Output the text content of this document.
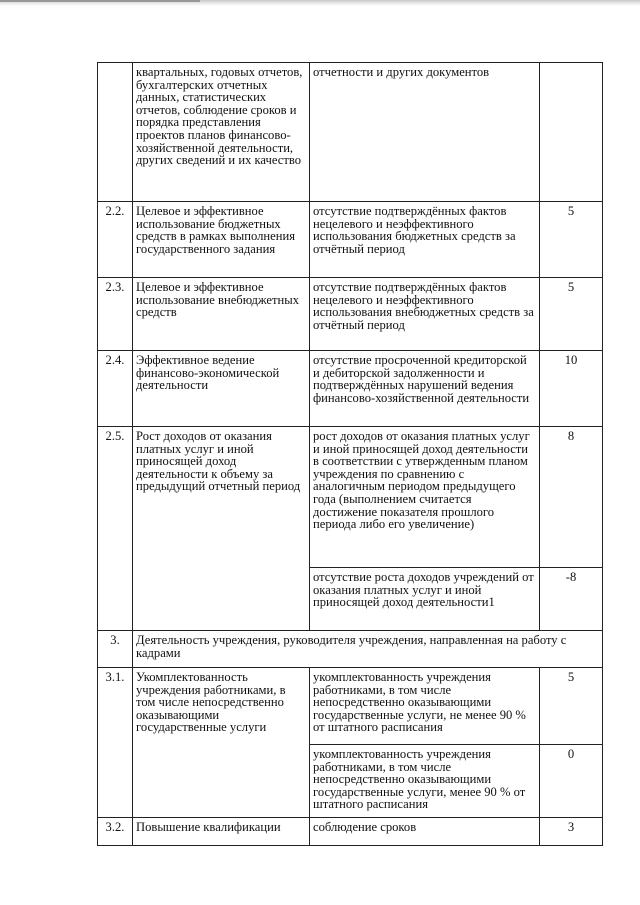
	квартальных, годовых отчетов, бухгалтерских отчетных данных, статистических отчетов, соблюдение сроков и порядка представления проектов планов финансово-хозяйственной деятельности, других сведений и их качество	отчетности и других документов	

2.2.	Целевое и эффективное использование бюджетных средств в рамках выполнения государственного задания	отсутствие подтверждённых фактов нецелевого и неэффективного использования бюджетных средств за отчётный период	5
2.3.	Целевое и эффективное использование внебюджетных средств	отсутствие подтверждённых фактов нецелевого и неэффективного использования внебюджетных средств за отчётный период	5
2.4.	Эффективное ведение финансово-экономической деятельности	отсутствие просроченной кредиторской и дебиторской задолженности и подтверждённых нарушений ведения финансово-хозяйственной деятельности	10
2.5.	Рост доходов от оказания платных услуг и иной приносящей доход деятельности к объему за предыдущий отчетный период	рост доходов от оказания платных услуг и иной приносящей доход деятельности в соответствии с утвержденным планом учреждения по сравнению с аналогичным периодом предыдущего года (выполнением считается достижение показателя прошлого периода либо его увеличение)	8

		отсутствие роста доходов учреждений от оказания платных услуг и иной приносящей доход деятельности1	-8
3.	Деятельность учреждения, руководителя учреждения, направленная на работу с кадрами		
3.1.	Укомплектованность учреждения работниками, в том числе непосредственно оказывающими государственные услуги	укомплектованность учреждения работниками, в том числе непосредственно оказывающими государственные услуги, не менее 90 % от штатного расписания	5

		укомплектованность учреждения работниками, в том числе непосредственно оказывающими государственные услуги, менее 90 % от штатного расписания	0
3.2.	Повышение квалификации	соблюдение сроков	3
